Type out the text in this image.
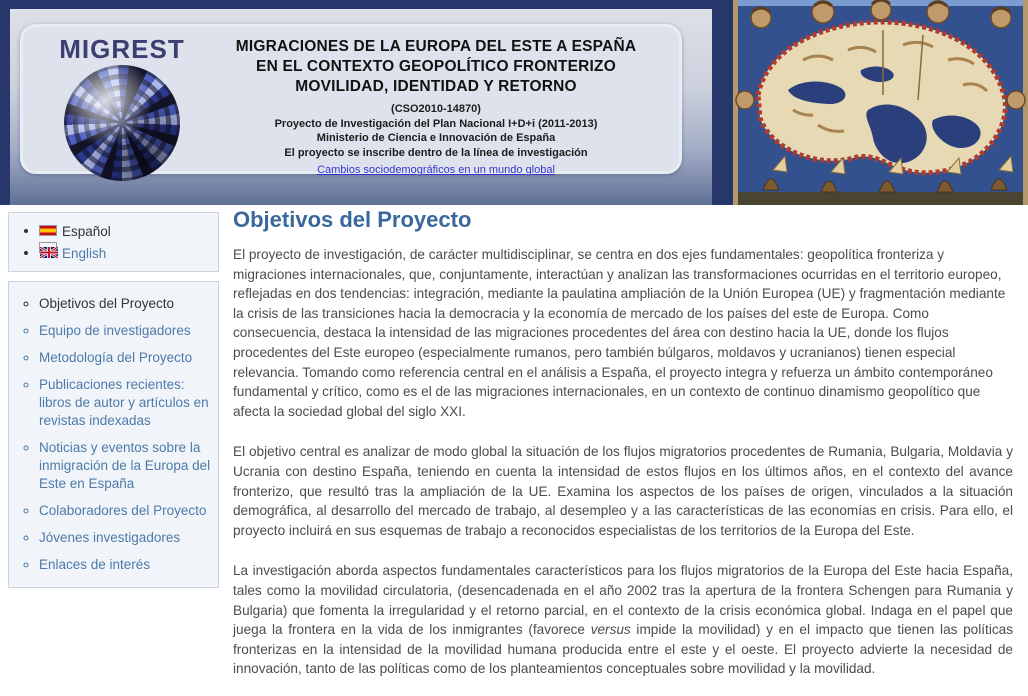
MIGREST	MIGRACIONES DE LA EUROPA DEL ESTE A ESPAÑA
EN EL CONTEXTO GEOPOLÍTICO FRONTERIZO
MOVILIDAD, IDENTIDAD Y RETORNO
(CSO2010-14870)
Proyecto de Investigación del Plan Nacional I+D+i (2011-2013)
Ministerio de Ciencia e Innovación de España
El proyecto se inscribe dentro de la línea de investigación
Cambios sociodemográficos en un mundo global
• Español
• English
◦ Objetivos del Proyecto
◦ Equipo de investigadores
◦ Metodología del Proyecto
◦ Publicaciones recientes: libros de autor y artículos en revistas indexadas
◦ Noticias y eventos sobre la inmigración de la Europa del Este en España
◦ Colaboradores del Proyecto
◦ Jóvenes investigadores
◦ Enlaces de interés
Objetivos del Proyecto

El proyecto de investigación, de carácter multidisciplinar, se centra en dos ejes fundamentales: geopolítica fronteriza y migraciones internacionales, que, conjuntamente, interactúan y analizan las transformaciones ocurridas en el territorio europeo, reflejadas en dos tendencias: integración, mediante la paulatina ampliación de la Unión Europea (UE) y fragmentación mediante la crisis de las transiciones hacia la democracia y la economía de mercado de los países del este de Europa. Como consecuencia, destaca la intensidad de las migraciones procedentes del área con destino hacia la UE, donde los flujos procedentes del Este europeo (especialmente rumanos, pero también búlgaros, moldavos y ucranianos) tienen especial relevancia. Tomando como referencia central en el análisis a España, el proyecto integra y refuerza un ámbito contemporáneo fundamental y crítico, como es el de las migraciones internacionales, en un contexto de continuo dinamismo geopolítico que afecta la sociedad global del siglo XXI.

El objetivo central es analizar de modo global la situación de los flujos migratorios procedentes de Rumania, Bulgaria, Moldavia y Ucrania con destino España, teniendo en cuenta la intensidad de estos flujos en los últimos años, en el contexto del avance fronterizo, que resultó tras la ampliación de la UE. Examina los aspectos de los países de origen, vinculados a la situación demográfica, al desarrollo del mercado de trabajo, al desempleo y a las características de las economías en crisis. Para ello, el proyecto incluirá en sus esquemas de trabajo a reconocidos especialistas de los territorios de la Europa del Este.

La investigación aborda aspectos fundamentales característicos para los flujos migratorios de la Europa del Este hacia España, tales como la movilidad circulatoria, (desencadenada en el año 2002 tras la apertura de la frontera Schengen para Rumania y Bulgaria) que fomenta la irregularidad y el retorno parcial, en el contexto de la crisis económica global. Indaga en el papel que juega la frontera en la vida de los inmigrantes (favorece versus impide la movilidad) y en el impacto que tienen las políticas fronterizas en la intensidad de la movilidad humana producida entre el este y el oeste. El proyecto advierte la necesidad de innovación, tanto de las políticas como de los planteamientos conceptuales sobre movilidad y la movilidad.
